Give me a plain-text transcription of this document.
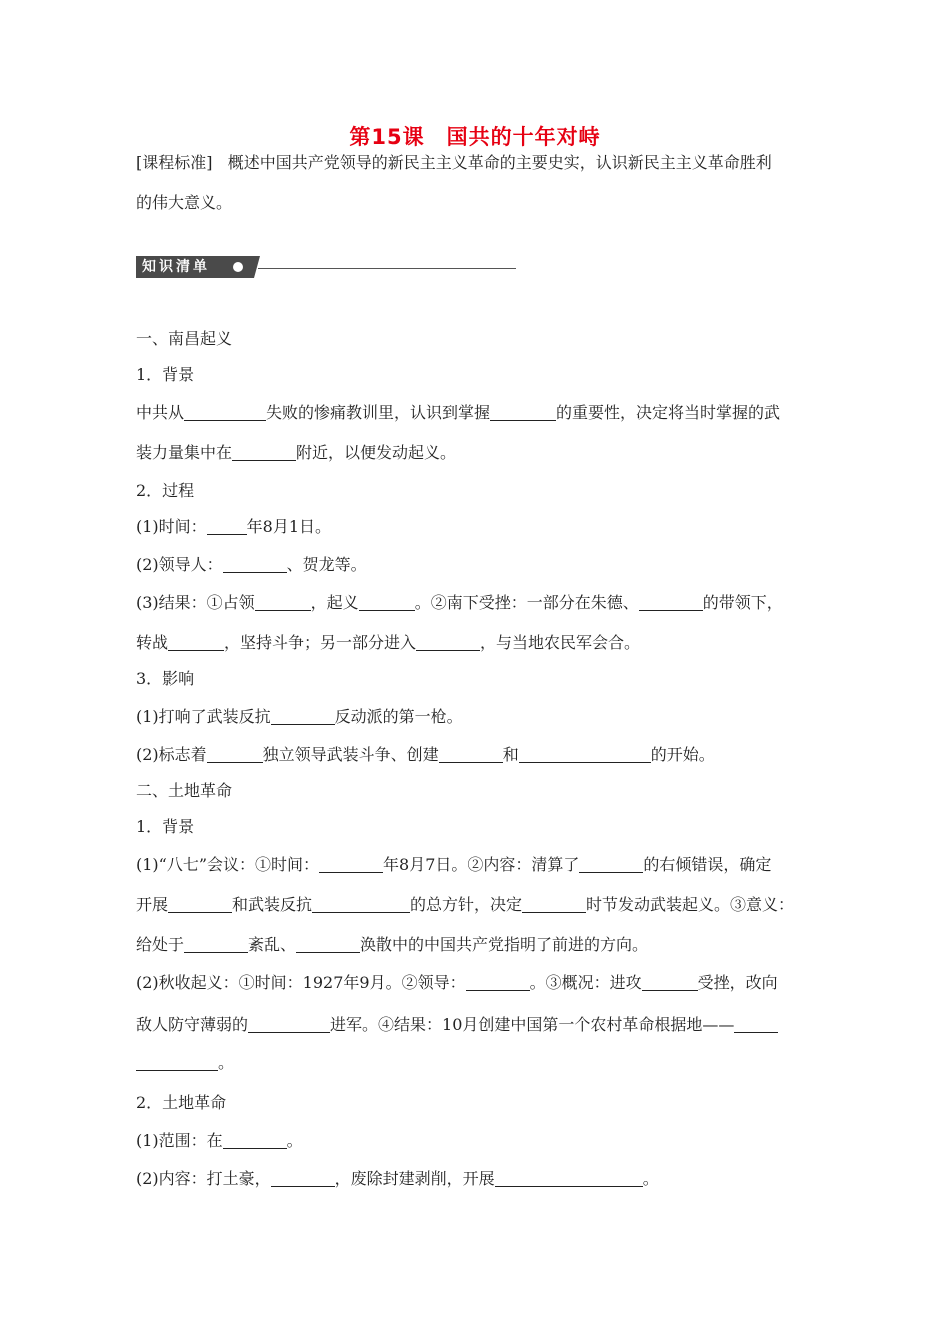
第15课　国共的十年对峙
[课程标准] 概述中国共产党领导的新民主主义革命的主要史实，认识新民主主义革命胜利
的伟大意义。
知识清单
一、南昌起义
1．背景
中共从	失败的惨痛教训里，认识到掌握	的重要性，决定将当时掌握的武
装力量集中在	附近，以便发动起义。
2．过程
(1)时间：	年8月1日。
(2)领导人：	、贺龙等。
(3)结果：①占领	，起义	。②南下受挫：一部分在朱德、	的带领下，
转战	，坚持斗争；另一部分进入	，与当地农民军会合。
3．影响
(1)打响了武装反抗	反动派的第一枪。
(2)标志着	独立领导武装斗争、创建	和	的开始。
二、土地革命
1．背景
(1)“八七”会议：①时间：	年8月7日。②内容：清算了	的右倾错误，确定
开展	和武装反抗	的总方针，决定	时节发动武装起义。③意义：
给处于	紊乱、	涣散中的中国共产党指明了前进的方向。
(2)秋收起义：①时间：1927年9月。②领导：	。③概况：进攻	受挫，改向
敌人防守薄弱的	进军。④结果：10月创建中国第一个农村革命根据地——
。
2．土地革命
(1)范围：在	。
(2)内容：打土豪，	，废除封建剥削，开展	。
